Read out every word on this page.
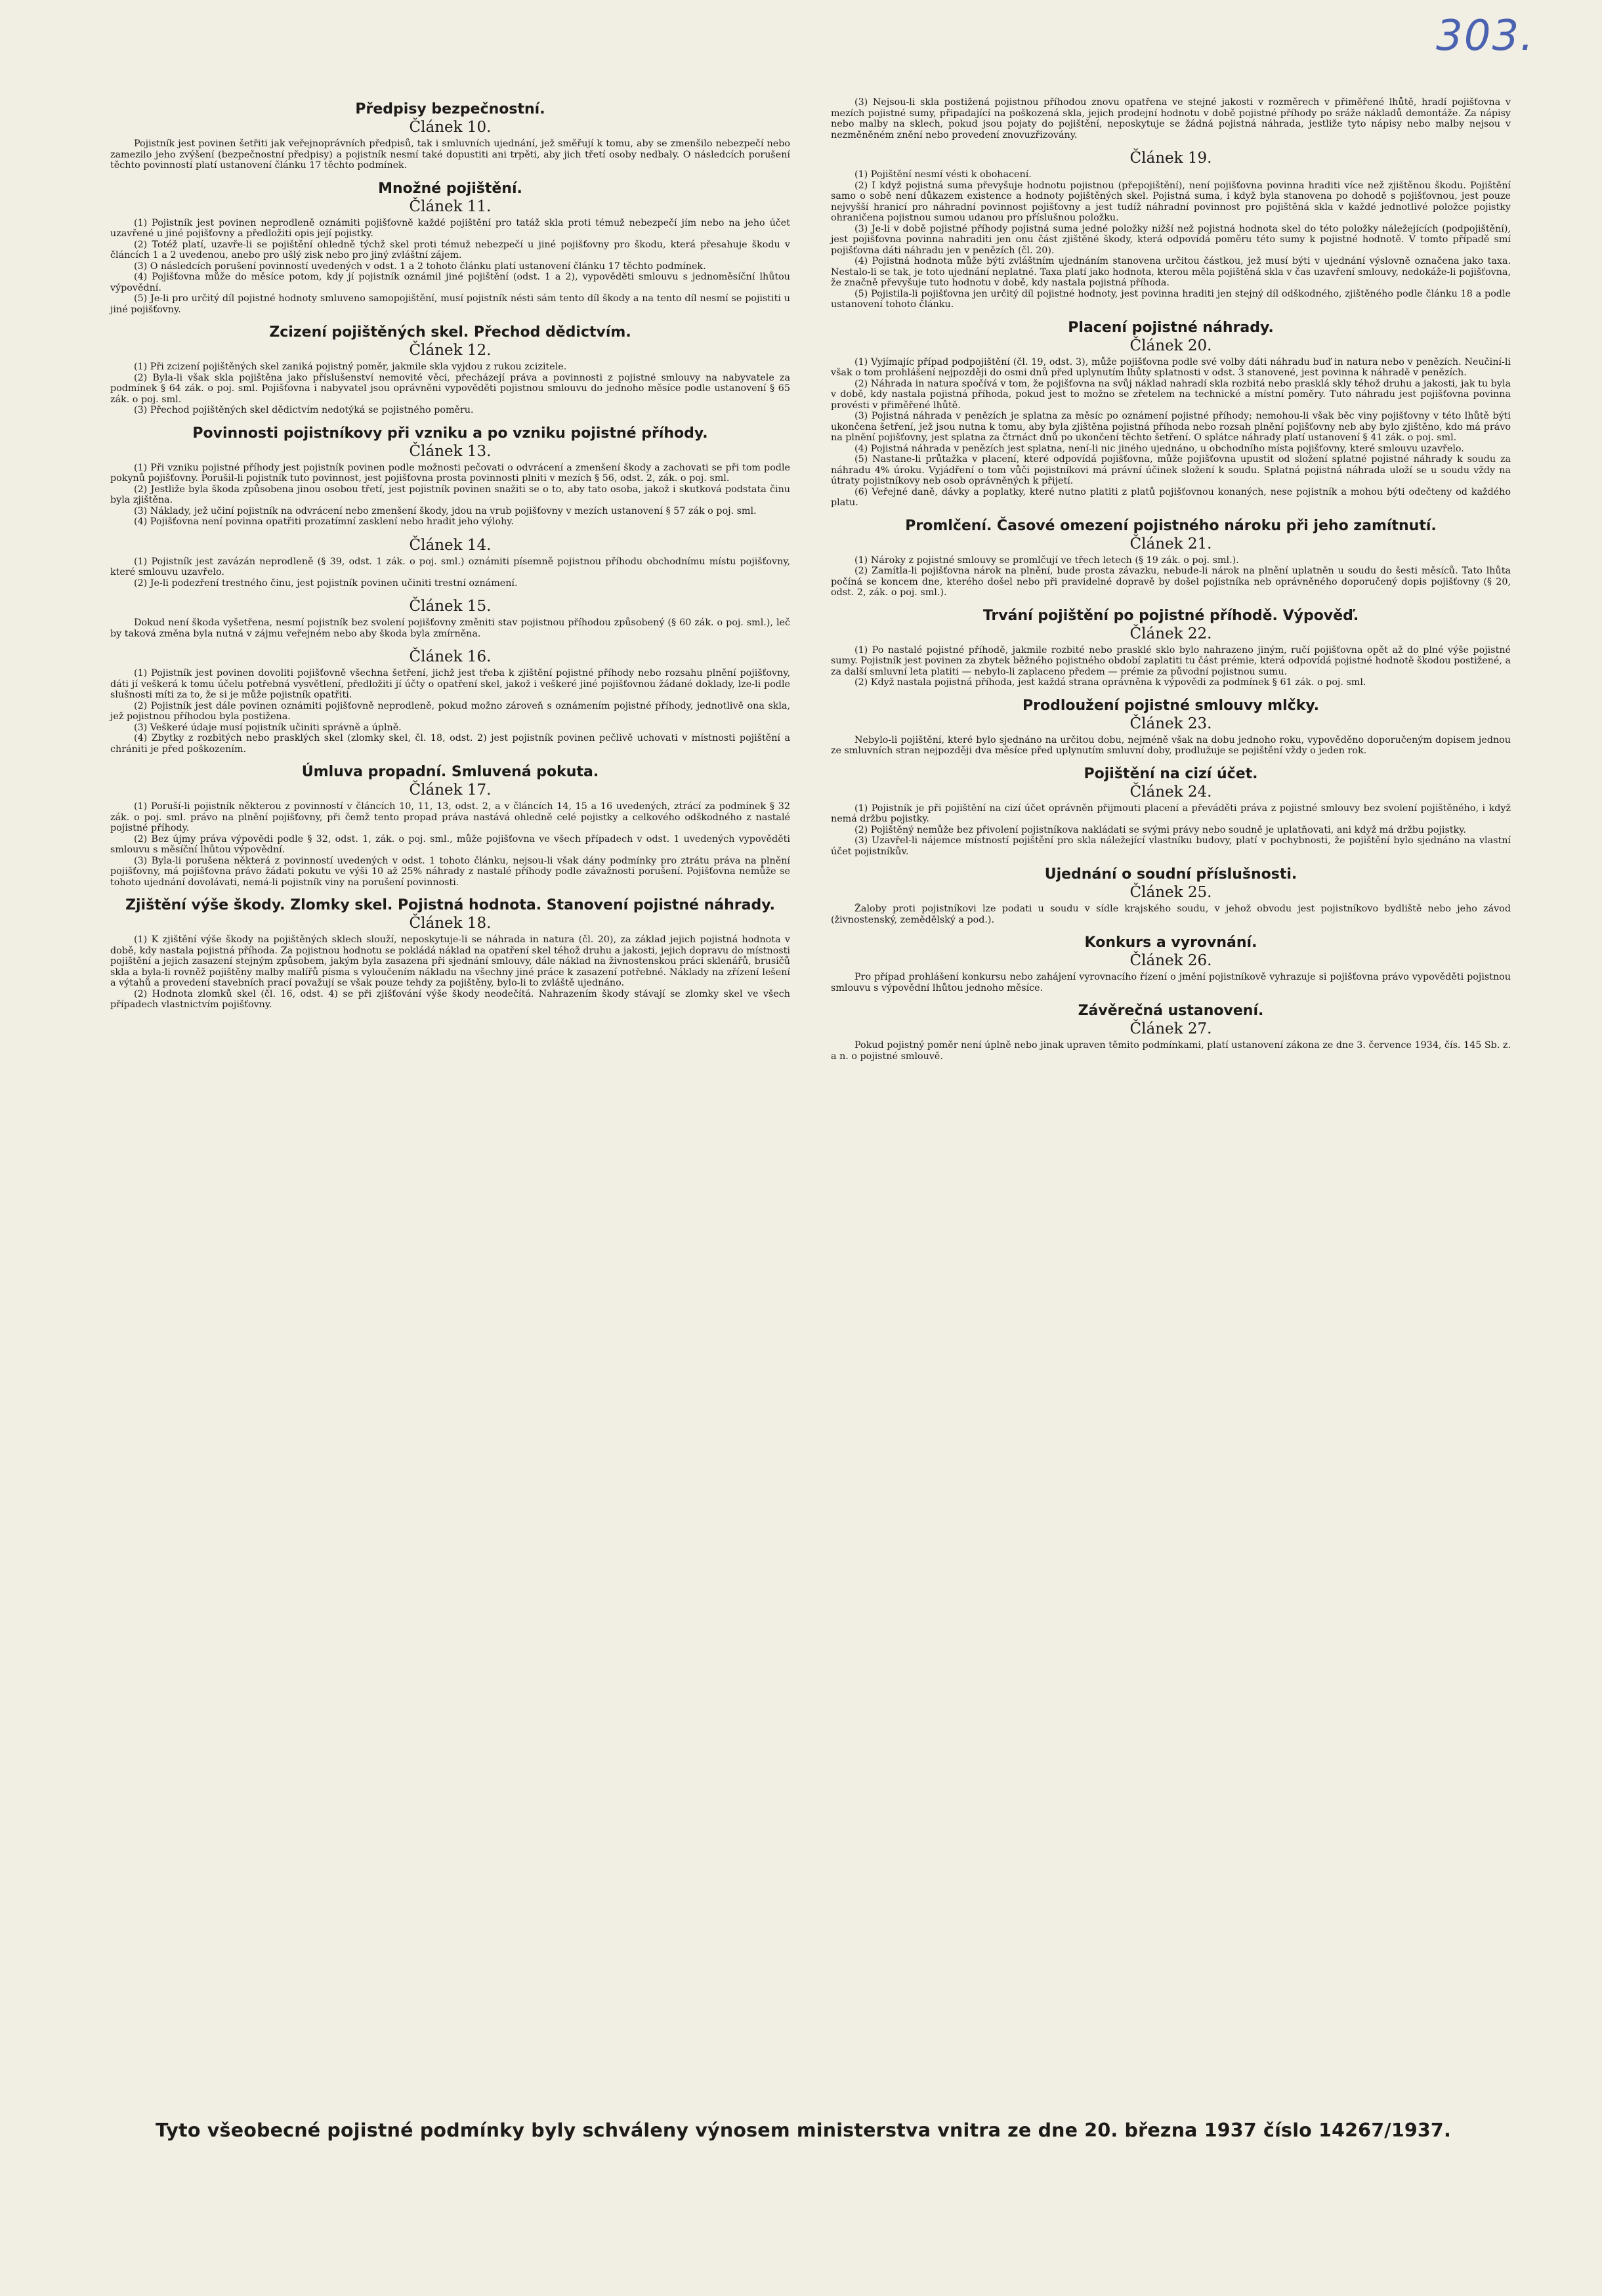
303.
Předpisy bezpečnostní.
Článek 10.

Pojistník jest povinen šetřiti jak veřejnoprávních předpisů, tak i smluvních ujednání, jež směřují k tomu, aby se zmenšilo nebezpečí nebo zamezilo jeho zvýšení (bezpečnostní předpisy) a pojistník nesmí také dopustiti ani trpěti, aby jich třetí osoby nedbaly. O následcích porušení těchto povinností platí ustanovení článku 17 těchto podmínek.

Množné pojištění.
Článek 11.

(1) Pojistník jest povinen neprodleně oznámiti pojišťovně každé pojištění pro tatáž skla proti témuž nebezpečí jím nebo na jeho účet uzavřené u jiné pojišťovny a předložiti opis její pojistky.

(2) Totéž platí, uzavře-li se pojištění ohledně týchž skel proti témuž nebezpečí u jiné pojišťovny pro škodu, která přesahuje škodu v článcích 1 a 2 uvedenou, anebo pro ušlý zisk nebo pro jiný zvláštní zájem.

(3) O následcích porušení povinností uvedených v odst. 1 a 2 tohoto článku platí ustanovení článku 17 těchto podmínek.

(4) Pojišťovna může do měsíce potom, kdy jí pojistník oznámil jiné pojištění (odst. 1 a 2), vypověděti smlouvu s jednoměsíční lhůtou výpovědní.

(5) Je-li pro určitý díl pojistné hodnoty smluveno samopojištění, musí pojistník nésti sám tento díl škody a na tento díl nesmí se pojistiti u jiné pojišťovny.

Zcizení pojištěných skel. Přechod dědictvím.
Článek 12.

(1) Při zcizení pojištěných skel zaniká pojistný poměr, jakmile skla vyjdou z rukou zcizitele.

(2) Byla-li však skla pojištěna jako příslušenství nemovité věci, přecházejí práva a povinnosti z pojistné smlouvy na nabyvatele za podmínek § 64 zák. o poj. sml. Pojišťovna i nabyvatel jsou oprávněni vypověděti pojistnou smlouvu do jednoho měsíce podle ustanovení § 65 zák. o poj. sml.

(3) Přechod pojištěných skel dědictvím nedotýká se pojistného poměru.

Povinnosti pojistníkovy při vzniku a po vzniku pojistné příhody.
Článek 13.

(1) Při vzniku pojistné příhody jest pojistník povinen podle možnosti pečovati o odvrácení a zmenšení škody a zachovati se při tom podle pokynů pojišťovny. Porušil-li pojistník tuto povinnost, jest pojišťovna prosta povinnosti plniti v mezích § 56, odst. 2, zák. o poj. sml.

(2) Jestliže byla škoda způsobena jinou osobou třetí, jest pojistník povinen snažiti se o to, aby tato osoba, jakož i skutková podstata činu byla zjištěna.

(3) Náklady, jež učiní pojistník na odvrácení nebo zmenšení škody, jdou na vrub pojišťovny v mezích ustanovení § 57 zák o poj. sml.

(4) Pojišťovna není povinna opatřiti prozatímní zasklení nebo hradit jeho výlohy.

Článek 14.

(1) Pojistník jest zavázán neprodleně (§ 39, odst. 1 zák. o poj. sml.) oznámiti písemně pojistnou příhodu obchodnímu místu pojišťovny, které smlouvu uzavřelo.

(2) Je-li podezření trestného činu, jest pojistník povinen učiniti trestní oznámení.

Článek 15.

Dokud není škoda vyšetřena, nesmí pojistník bez svolení pojišťovny změniti stav pojistnou příhodou způsobený (§ 60 zák. o poj. sml.), leč by taková změna byla nutná v zájmu veřejném nebo aby škoda byla zmírněna.

Článek 16.

(1) Pojistník jest povinen dovoliti pojišťovně všechna šetření, jichž jest třeba k zjištění pojistné příhody nebo rozsahu plnění pojišťovny, dáti jí veškerá k tomu účelu potřebná vysvětlení, předložiti jí účty o opatření skel, jakož i veškeré jiné pojišťovnou žádané doklady, lze-li podle slušnosti míti za to, že si je může pojistník opatřiti.

(2) Pojistník jest dále povinen oznámiti pojišťovně neprodleně, pokud možno zároveň s oznámením pojistné příhody, jednotlivě ona skla, jež pojistnou příhodou byla postižena.

(3) Veškeré údaje musí pojistník učiniti správně a úplně.

(4) Zbytky z rozbitých nebo prasklých skel (zlomky skel, čl. 18, odst. 2) jest pojistník povinen pečlivě uchovati v místnosti pojištění a chrániti je před poškozením.

Úmluva propadní. Smluvená pokuta.
Článek 17.

(1) Poruší-li pojistník některou z povinností v článcích 10, 11, 13, odst. 2, a v článcích 14, 15 a 16 uvedených, ztrácí za podmínek § 32 zák. o poj. sml. právo na plnění pojišťovny, při čemž tento propad práva nastává ohledně celé pojistky a celkového odškodného z nastalé pojistné příhody.

(2) Bez újmy práva výpovědi podle § 32, odst. 1, zák. o poj. sml., může pojišťovna ve všech případech v odst. 1 uvedených vypověděti smlouvu s měsíční lhůtou výpovědní.

(3) Byla-li porušena některá z povinností uvedených v odst. 1 tohoto článku, nejsou-li však dány podmínky pro ztrátu práva na plnění pojišťovny, má pojišťovna právo žádati pokutu ve výši 10 až 25% náhrady z nastalé příhody podle závažnosti porušení. Pojišťovna nemůže se tohoto ujednání dovolávati, nemá-li pojistník viny na porušení povinnosti.

Zjištění výše škody. Zlomky skel. Pojistná hodnota. Stanovení pojistné náhrady.
Článek 18.

(1) K zjištění výše škody na pojištěných sklech slouží, neposkytuje-li se náhrada in natura (čl. 20), za základ jejich pojistná hodnota v době, kdy nastala pojistná příhoda. Za pojistnou hodnotu se pokládá náklad na opatření skel téhož druhu a jakosti, jejich dopravu do místnosti pojištění a jejich zasazení stejným způsobem, jakým byla zasazena při sjednání smlouvy, dále náklad na živnostenskou práci sklenářů, brusičů skla a byla-li rovněž pojištěny malby malířů písma s vyloučením nákladu na všechny jiné práce k zasazení potřebné. Náklady na zřízení lešení a výtahů a provedení stavebních prací považují se však pouze tehdy za pojištěny, bylo-li to zvláště ujednáno.

(2) Hodnota zlomků skel (čl. 16, odst. 4) se při zjišťování výše škody neodečítá. Nahrazením škody stávají se zlomky skel ve všech případech vlastnictvím pojišťovny.

(3) Nejsou-li skla postižená pojistnou příhodou znovu opatřena ve stejné jakosti v rozměrech v přiměřené lhůtě, hradí pojišťovna v mezích pojistné sumy, připadající na poškozená skla, jejich prodejní hodnotu v době pojistné příhody po sráže nákladů demontáže. Za nápisy nebo malby na sklech, pokud jsou pojaty do pojištění, neposkytuje se žádná pojistná náhrada, jestliže tyto nápisy nebo malby nejsou v nezměněném znění nebo provedení znovuzřizovány.

Článek 19.

(1) Pojištění nesmí vésti k obohacení.

(2) I když pojistná suma převyšuje hodnotu pojistnou (přepojištění), není pojišťovna povinna hraditi více než zjištěnou škodu. Pojištění samo o sobě není důkazem existence a hodnoty pojištěných skel. Pojistná suma, i když byla stanovena po dohodě s pojišťovnou, jest pouze nejvyšší hranicí pro náhradní povinnost pojišťovny a jest tudíž náhradní povinnost pro pojištěná skla v každé jednotlivé položce pojistky ohraničena pojistnou sumou udanou pro příslušnou položku.

(3) Je-li v době pojistné příhody pojistná suma jedné položky nižší než pojistná hodnota skel do této položky náležejících (podpojištění), jest pojišťovna povinna nahraditi jen onu část zjištěné škody, která odpovídá poměru této sumy k pojistné hodnotě. V tomto případě smí pojišťovna dáti náhradu jen v penězích (čl. 20).

(4) Pojistná hodnota může býti zvláštním ujednáním stanovena určitou částkou, jež musí býti v ujednání výslovně označena jako taxa. Nestalo-li se tak, je toto ujednání neplatné. Taxa platí jako hodnota, kterou měla pojištěná skla v čas uzavření smlouvy, nedokáže-li pojišťovna, že značně převyšuje tuto hodnotu v době, kdy nastala pojistná příhoda.

(5) Pojistila-li pojišťovna jen určitý díl pojistné hodnoty, jest povinna hraditi jen stejný díl odškodného, zjištěného podle článku 18 a podle ustanovení tohoto článku.

Placení pojistné náhrady.
Článek 20.

(1) Vyjímajíc případ podpojištění (čl. 19, odst. 3), může pojišťovna podle své volby dáti náhradu buď in natura nebo v penězích. Neučiní-li však o tom prohlášení nejpozději do osmi dnů před uplynutím lhůty splatnosti v odst. 3 stanovené, jest povinna k náhradě v penězích.

(2) Náhrada in natura spočívá v tom, že pojišťovna na svůj náklad nahradí skla rozbitá nebo prasklá skly téhož druhu a jakosti, jak tu byla v době, kdy nastala pojistná příhoda, pokud jest to možno se zřetelem na technické a místní poměry. Tuto náhradu jest pojišťovna povinna provésti v přiměřené lhůtě.

(3) Pojistná náhrada v penězích je splatna za měsíc po oznámení pojistné příhody; nemohou-li však běc viny pojišťovny v této lhůtě býti ukončena šetření, jež jsou nutna k tomu, aby byla zjištěna pojistná příhoda nebo rozsah plnění pojišťovny neb aby bylo zjištěno, kdo má právo na plnění pojišťovny, jest splatna za čtrnáct dnů po ukončení těchto šetření. O splátce náhrady platí ustanovení § 41 zák. o poj. sml.

(4) Pojistná náhrada v penězích jest splatna, není-li nic jiného ujednáno, u obchodního místa pojišťovny, které smlouvu uzavřelo.

(5) Nastane-li průtažka v placení, které odpovídá pojišťovna, může pojišťovna upustit od složení splatné pojistné náhrady k soudu za náhradu 4% úroku. Vyjádření o tom vůči pojistníkovi má právní účinek složení k soudu. Splatná pojistná náhrada uloží se u soudu vždy na útraty pojistníkovy neb osob oprávněných k přijetí.

(6) Veřejné daně, dávky a poplatky, které nutno platiti z platů pojišťovnou konaných, nese pojistník a mohou býti odečteny od každého platu.

Promlčení. Časové omezení pojistného nároku při jeho zamítnutí.
Článek 21.

(1) Nároky z pojistné smlouvy se promlčují ve třech letech (§ 19 zák. o poj. sml.).

(2) Zamítla-li pojišťovna nárok na plnění, bude prosta závazku, nebude-li nárok na plnění uplatněn u soudu do šesti měsíců. Tato lhůta počíná se koncem dne, kterého došel nebo při pravidelné dopravě by došel pojistníka neb oprávněného doporučený dopis pojišťovny (§ 20, odst. 2, zák. o poj. sml.).

Trvání pojištění po pojistné příhodě. Výpověď.
Článek 22.

(1) Po nastalé pojistné příhodě, jakmile rozbité nebo prasklé sklo bylo nahrazeno jiným, ručí pojišťovna opět až do plné výše pojistné sumy. Pojistník jest povinen za zbytek běžného pojistného období zaplatiti tu část prémie, která odpovídá pojistné hodnotě škodou postižené, a za další smluvní leta platiti — nebylo-li zaplaceno předem — prémie za původní pojistnou sumu.

(2) Když nastala pojistná příhoda, jest každá strana oprávněna k výpovědi za podmínek § 61 zák. o poj. sml.

Prodloužení pojistné smlouvy mlčky.
Článek 23.

Nebylo-li pojištění, které bylo sjednáno na určitou dobu, nejméně však na dobu jednoho roku, vypověděno doporučeným dopisem jednou ze smluvních stran nejpozději dva měsíce před uplynutím smluvní doby, prodlužuje se pojištění vždy o jeden rok.

Pojištění na cizí účet.
Článek 24.

(1) Pojistník je při pojištění na cizí účet oprávněn přijmouti placení a převáděti práva z pojistné smlouvy bez svolení pojištěného, i když nemá držbu pojistky.

(2) Pojištěný nemůže bez přivolení pojistníkova nakládati se svými právy nebo soudně je uplatňovati, ani když má držbu pojistky.

(3) Uzavřel-li nájemce místností pojištění pro skla náležející vlastníku budovy, platí v pochybnosti, že pojištění bylo sjednáno na vlastní účet pojistníkův.

Ujednání o soudní příslušnosti.
Článek 25.

Žaloby proti pojistníkovi lze podati u soudu v sídle krajského soudu, v jehož obvodu jest pojistníkovo bydliště nebo jeho závod (živnostenský, zemědělský a pod.).

Konkurs a vyrovnání.
Článek 26.

Pro případ prohlášení konkursu nebo zahájení vyrovnacího řízení o jmění pojistníkově vyhrazuje si pojišťovna právo vypověděti pojistnou smlouvu s výpovědní lhůtou jednoho měsíce.

Závěrečná ustanovení.
Článek 27.

Pokud pojistný poměr není úplně nebo jinak upraven těmito podmínkami, platí ustanovení zákona ze dne 3. července 1934, čís. 145 Sb. z. a n. o pojistné smlouvě.

Tyto všeobecné pojistné podmínky byly schváleny výnosem ministerstva vnitra ze dne 20. března 1937 číslo 14267/1937.
